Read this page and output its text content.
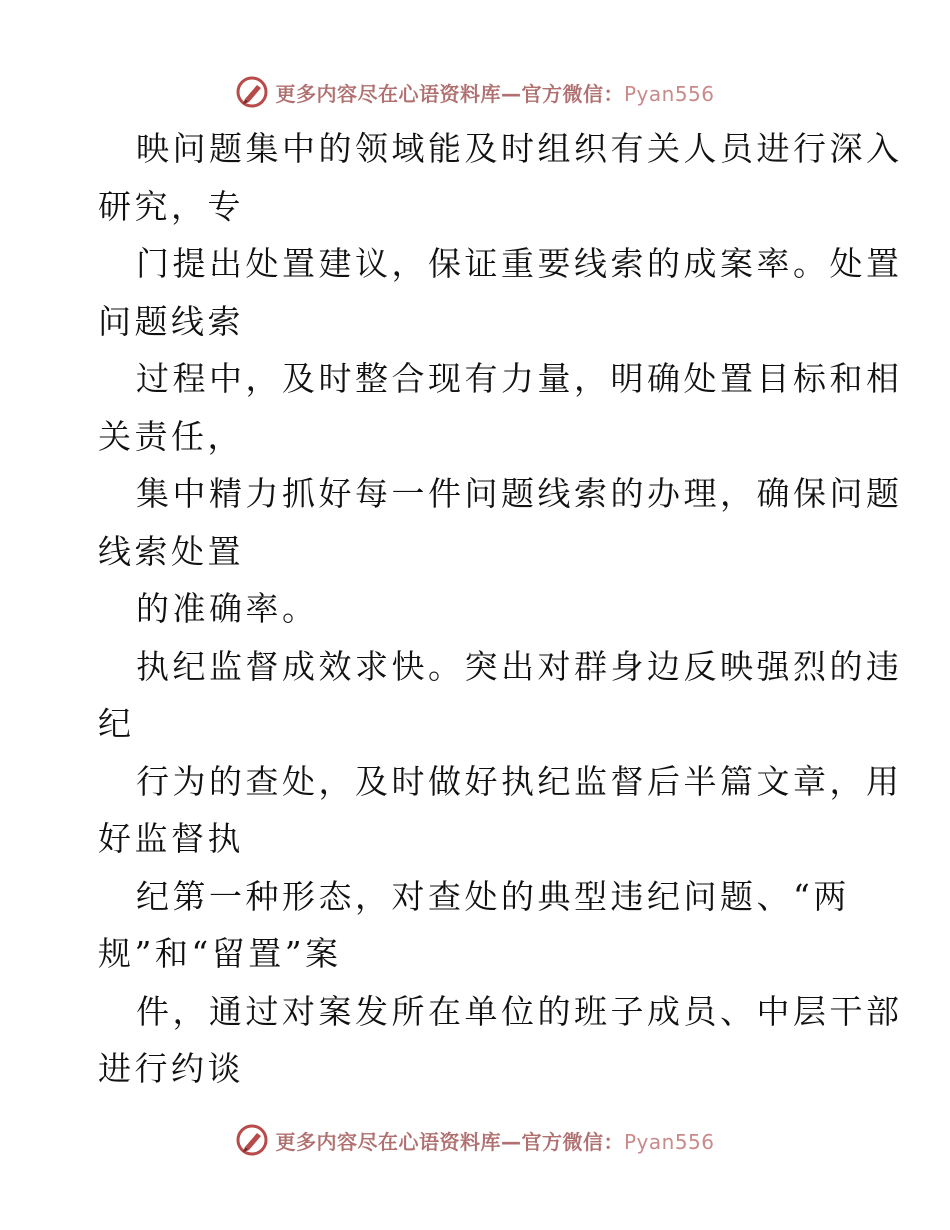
更多内容尽在心语资料库—官方微信：Pyan556
映问题集中的领域能及时组织有关人员进行深入
研究，专
门提出处置建议，保证重要线索的成案率。处置
问题线索
过程中，及时整合现有力量，明确处置目标和相
关责任，
集中精力抓好每一件问题线索的办理，确保问题
线索处置
的准确率。
执纪监督成效求快。突出对群身边反映强烈的违
纪
行为的查处，及时做好执纪监督后半篇文章，用
好监督执
纪第一种形态，对查处的典型违纪问题、“两
规”和“留置”案
件，通过对案发所在单位的班子成员、中层干部
进行约谈
更多内容尽在心语资料库—官方微信：Pyan556
